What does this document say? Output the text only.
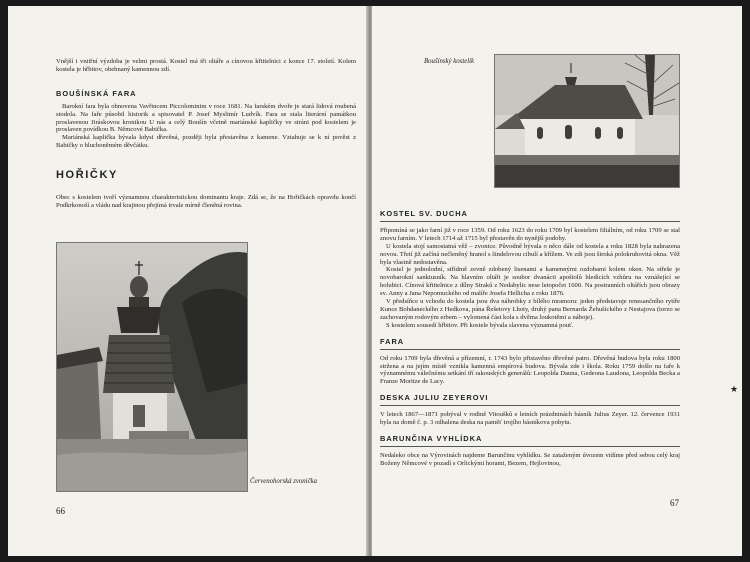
Vnější i vnitřní výzdoba je velmi prostá. Kostel má tři oltáře a cínovou křtitelnici z konce 17. století. Kolem kostela je hřbitov, obehnaný kamennou zdí.

BOUŠÍNSKÁ FARA

Barokní fara byla obnovena Vavřincem Piccolominim v roce 1681. Na farském dvoře je stará lidová roubená stodola. Na faře působil historik a spisovatel P. Josef Myslimír Ludvík. Fara se stala literární památkou proslavenou Jiráskovou kronikou U nás a celý Boušín včetně mariánské kapličky ve stráni pod kostelem je proslaven povídkou B. Němcové Babička.

Mariánská kaplička bývala kdysi dřevěná, později byla přestavěna z kamene. Vztahuje se k ní pověst z Babičky o hluchoněmém děvčátku.

HOŘIČKY

Obec s kostelem tvoří významnou charakteristickou dominantu kraje. Zdá se, že na Hořičkách opravdu končí Podkrkonoší a vládu nad krajinou přejímá trvale mírně členěná rovina.

Červenohorská zvonička
66
Boušínský kostelík
KOSTEL SV. DUCHA

Připomíná se jako farní již v roce 1359. Od roku 1623 do roku 1709 byl kostelem filiálním, od roku 1709 se stal znovu farním. V letech 1714 až 1715 byl přestavěn do nynější podoby.

U kostela stojí samostatná věž – zvonice. Původně bývala o něco dále od kostela a roku 1828 byla nahrazena novou. Třetí již začíná nečleněný hranol s šindelovou cibulí a křížem. Ve zdi jsou široká polokruhovitá okna. Věž byla vlastně nedostavěna.

Kostel je jednolodní, střídmě zevně zdobený lisenami a kamennými ozdobami kolem oken. Na střeše je novobarokní sanktusník. Na hlavním oltáři je soubor dvanácti apoštolů hledících vzhůru na vznášející se holubici. Cínová křtitelnice z dílny Straků z Nedabylic nese letopočet 1600. Na postranních oltářích jsou obrazy sv. Anny a Jana Nepomuckého od malíře Josefa Hellicha z roku 1876.

V předsíňce u vchodu do kostela jsou dva náhrobky z bílého mramoru: jeden představuje renesančního rytíře Kunce Bohdaneckého z Hedkova, pána Řešetovy Lhoty, druhý pana Bernarda Žehušického z Nestajova (torzo se zachovaným rodovým erbem – vylomená část kola s dvěma loukotěmi a náboje).

S kostelem sousedí hřbitov. Při kostele bývala slavena významná pouť.

FARA

Od roku 1709 byla dřevěná a přízemní, r. 1743 bylo přistavěno dřevěné patro. Dřevěná budova byla roku 1800 stržena a na jejím místě vznikla kamenná empírová budova. Bývala zde i škola. Roku 1759 došlo na faře k významnému válečnému setkání tří rakouských generálů: Leopolda Dauna, Gedeona Laudona, Leopolda Becka a Franze Moritze de Lacy.

DESKA JULIU ZEYEROVI

V letech 1867—1871 pobýval v rodině Vitoušků e letních prázdninách básník Julius Zeyer. 12. července 1931 byla na domě č. p. 3 odhalena deska na paměť trojího básníkova pobytu.

BARUNČINA VYHLÍDKA

Nedaleko obce na Výrovinách najdeme Barunčinu vyhlídku. Se zataženým úvozem vidíme před sebou celý kraj Boženy Němcové v pozadí s Orlickými horami, Bezem, Hejlovinou,

67
★
